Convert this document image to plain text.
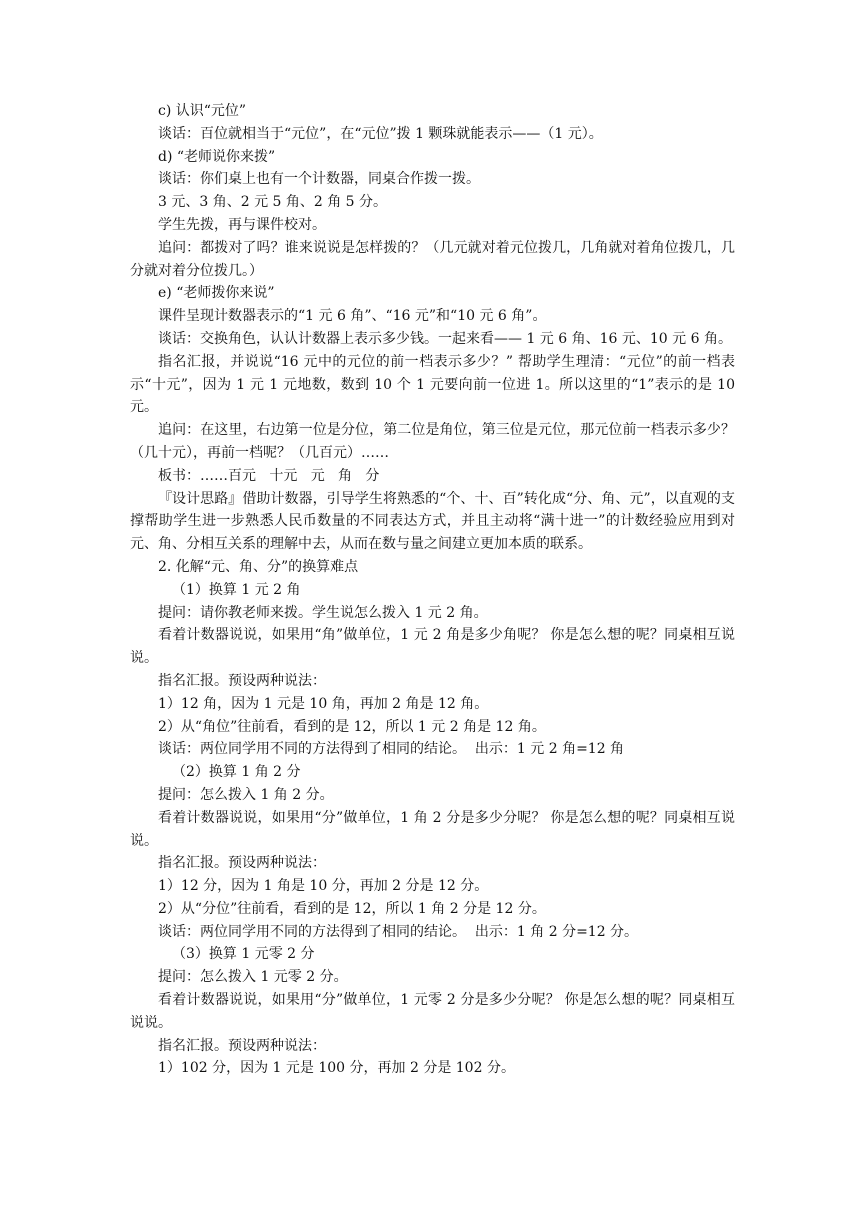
c) 认识“元位”
谈话：百位就相当于“元位”，在“元位”拨 1 颗珠就能表示——（1 元）。
d) “老师说你来拨”
谈话：你们桌上也有一个计数器，同桌合作拨一拨。
3 元、3 角、2 元 5 角、2 角 5 分。
学生先拨，再与课件校对。
追问：都拨对了吗？谁来说说是怎样拨的？（几元就对着元位拨几，几角就对着角位拨几，几分就对着分位拨几。）
e) “老师拨你来说”
课件呈现计数器表示的“1 元 6 角”、“16 元”和“10 元 6 角”。
谈话：交换角色，认认计数器上表示多少钱。一起来看—— 1 元 6 角、16 元、10 元 6 角。
指名汇报，并说说“16 元中的元位的前一档表示多少？” 帮助学生理清：“元位”的前一档表示“十元”，因为 1 元 1 元地数，数到 10 个 1 元要向前一位进 1。所以这里的“1”表示的是 10 元。
追问：在这里，右边第一位是分位，第二位是角位，第三位是元位，那元位前一档表示多少？（几十元），再前一档呢？（几百元）……
板书：……百元   十元   元   角   分
『设计思路』借助计数器，引导学生将熟悉的“个、十、百”转化成“分、角、元”，以直观的支撑帮助学生进一步熟悉人民币数量的不同表达方式，并且主动将“满十进一”的计数经验应用到对元、角、分相互关系的理解中去，从而在数与量之间建立更加本质的联系。
2. 化解“元、角、分”的换算难点
（1）换算 1 元 2 角
提问：请你教老师来拨。学生说怎么拨入 1 元 2 角。
看着计数器说说，如果用“角”做单位，1 元 2 角是多少角呢？ 你是怎么想的呢？同桌相互说说。
指名汇报。预设两种说法：
1）12 角，因为 1 元是 10 角，再加 2 角是 12 角。
2）从“角位”往前看，看到的是 12，所以 1 元 2 角是 12 角。
谈话：两位同学用不同的方法得到了相同的结论。  出示：1 元 2 角=12 角
（2）换算 1 角 2 分
提问：怎么拨入 1 角 2 分。
看着计数器说说，如果用“分”做单位，1 角 2 分是多少分呢？ 你是怎么想的呢？同桌相互说说。
指名汇报。预设两种说法：
1）12 分，因为 1 角是 10 分，再加 2 分是 12 分。
2）从“分位”往前看，看到的是 12，所以 1 角 2 分是 12 分。
谈话：两位同学用不同的方法得到了相同的结论。  出示：1 角 2 分=12 分。
（3）换算 1 元零 2 分
提问：怎么拨入 1 元零 2 分。
看着计数器说说，如果用“分”做单位，1 元零 2 分是多少分呢？ 你是怎么想的呢？同桌相互说说。
指名汇报。预设两种说法：
1）102 分，因为 1 元是 100 分，再加 2 分是 102 分。
